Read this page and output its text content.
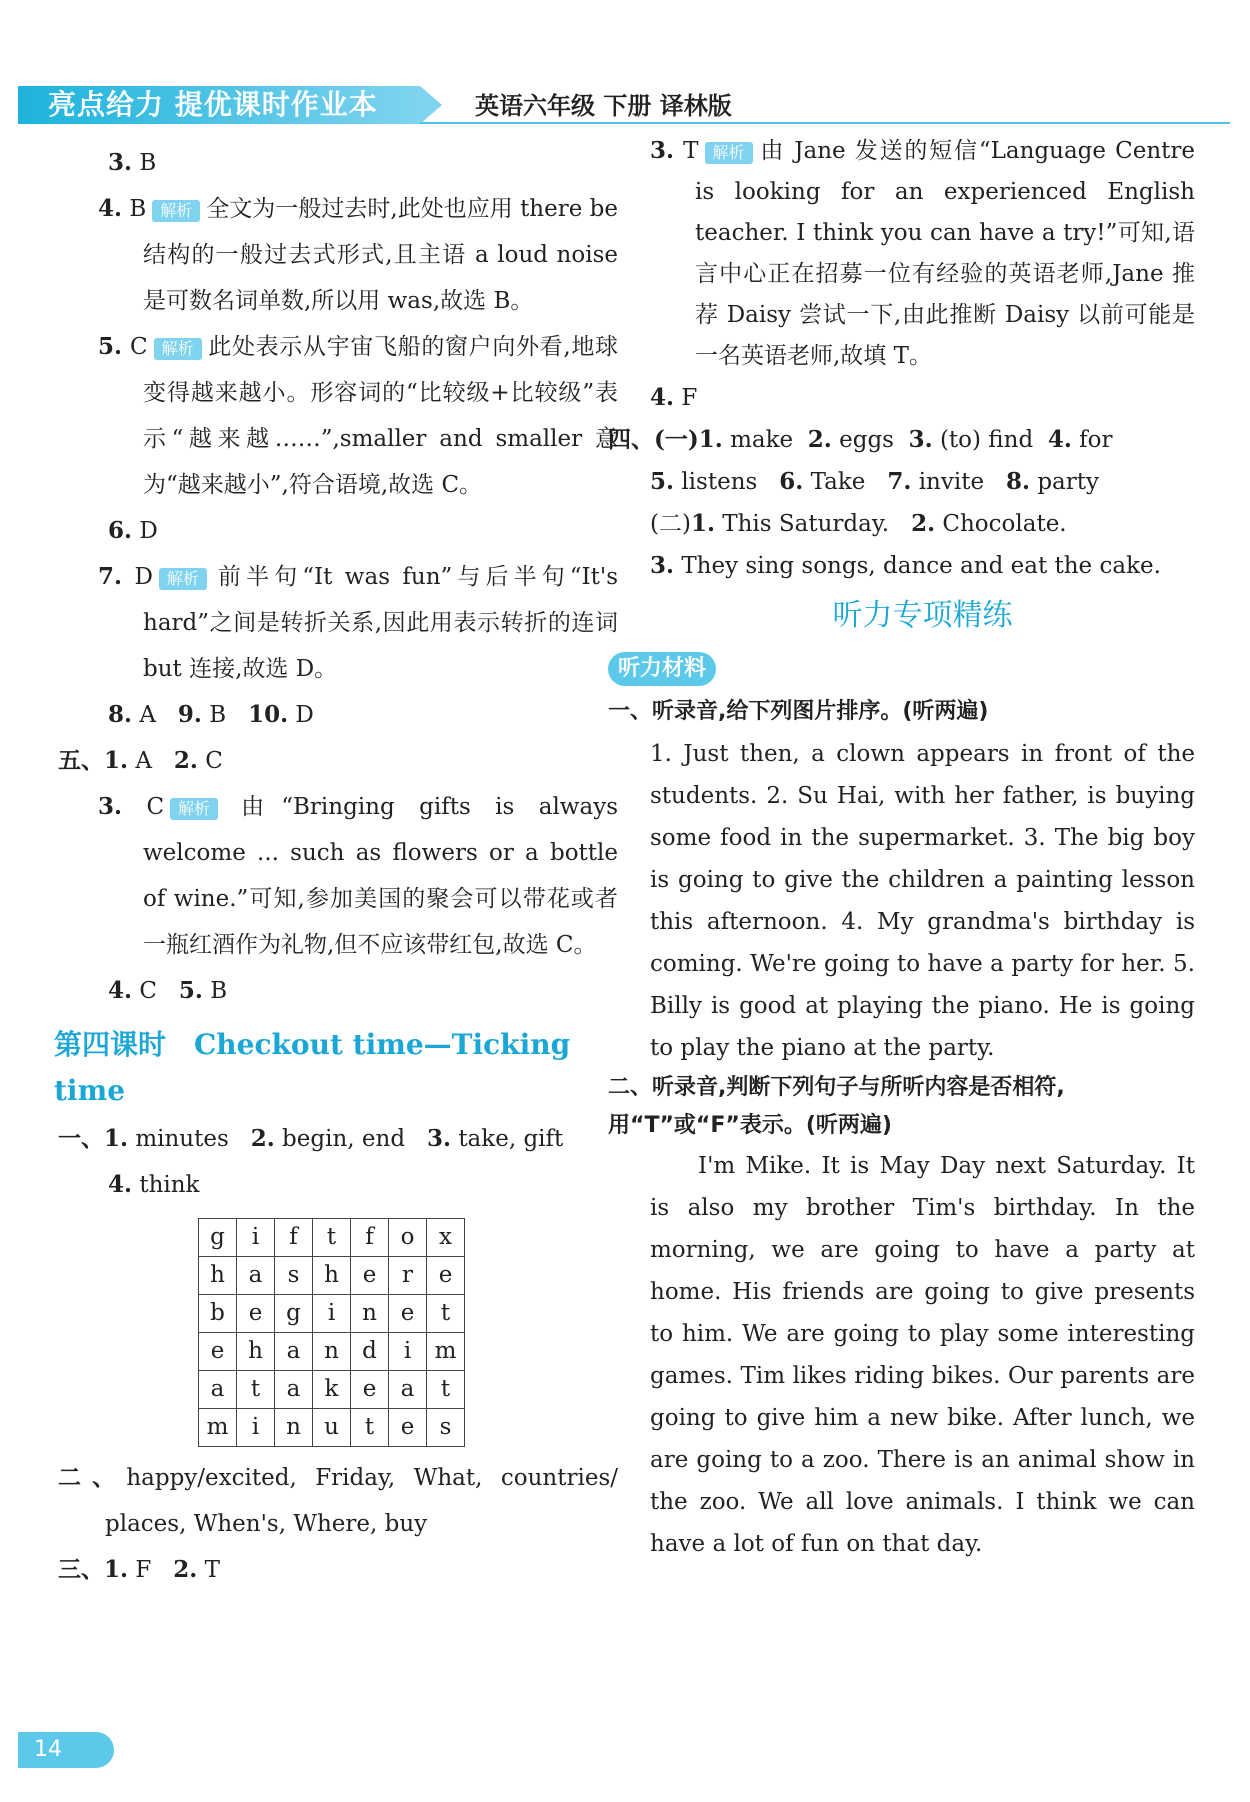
亮点给力 提优课时作业本	英语六年级 下册 译林版

3. B

4. B 解析 全文为一般过去时,此处也应用 there be 结构的一般过去式形式,且主语 a loud noise 是可数名词单数,所以用 was,故选 B。

5. C 解析 此处表示从宇宙飞船的窗户向外看,地球变得越来越小。形容词的“比较级+比较级”表示“越来越……”,smaller and smaller 意为“越来越小”,符合语境,故选 C。

6. D

7. D 解析 前半句“It was fun”与后半句“It's hard”之间是转折关系,因此用表示转折的连词 but 连接,故选 D。

8. A 9. B 10. D

五、1. A 2. C

3. C 解析 由“Bringing gifts is always welcome ... such as flowers or a bottle of wine.”可知,参加美国的聚会可以带花或者一瓶红酒作为礼物,但不应该带红包,故选 C。

4. C 5. B

第四课时 Checkout time—Ticking time

一、1. minutes 2. begin, end 3. take, gift

4. think

g	i	f	t	f	o	x
h	a	s	h	e	r	e
b	e	g	i	n	e	t
e	h	a	n	d	i	m
a	t	a	k	e	a	t
m	i	n	u	t	e	s

二、happy/excited, Friday, What, countries/ places, When's, Where, buy

三、1. F 2. T

3. T 解析 由 Jane 发送的短信“Language Centre is looking for an experienced English teacher. I think you can have a try!”可知,语言中心正在招募一位有经验的英语老师,Jane 推荐 Daisy 尝试一下,由此推断 Daisy 以前可能是一名英语老师,故填 T。

4. F

四、(一)1. make 2. eggs 3. (to) find 4. for

5. listens 6. Take 7. invite 8. party

(二)1. This Saturday. 2. Chocolate.

3. They sing songs, dance and eat the cake.

听力专项精练
听力材料

一、听录音,给下列图片排序。(听两遍)

1. Just then, a clown appears in front of the students. 2. Su Hai, with her father, is buying some food in the supermarket. 3. The big boy is going to give the children a painting lesson this afternoon. 4. My grandma's birthday is coming. We're going to have a party for her. 5. Billy is good at playing the piano. He is going to play the piano at the party.

二、听录音,判断下列句子与所听内容是否相符,用“T”或“F”表示。(听两遍)

I'm Mike. It is May Day next Saturday. It is also my brother Tim's birthday. In the morning, we are going to have a party at home. His friends are going to give presents to him. We are going to play some interesting games. Tim likes riding bikes. Our parents are going to give him a new bike. After lunch, we are going to a zoo. There is an animal show in the zoo. We all love animals. I think we can have a lot of fun on that day.

14
